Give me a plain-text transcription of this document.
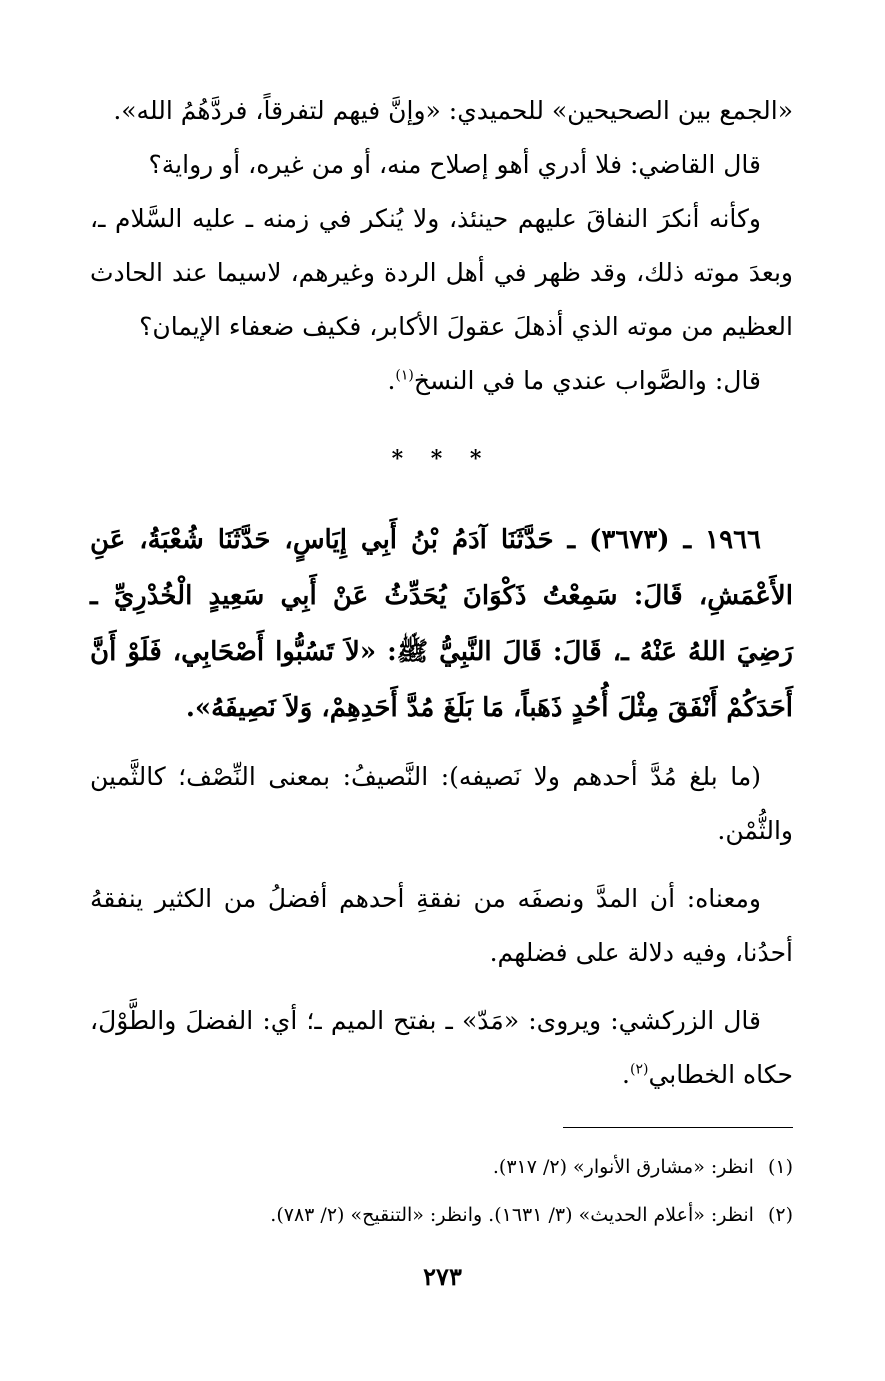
«الجمع بين الصحيحين» للحميدي: «وإنَّ فيهم لتفرقاً، فردَّهُمُ الله».

قال القاضي: فلا أدري أهو إصلاح منه، أو من غيره، أو رواية؟

وكأنه أنكرَ النفاقَ عليهم حينئذ، ولا يُنكر في زمنه ـ عليه السَّلام ـ، وبعدَ موته ذلك، وقد ظهر في أهل الردة وغيرهم، لاسيما عند الحادث العظيم من موته الذي أذهلَ عقولَ الأكابر، فكيف ضعفاء الإيمان؟

قال: والصَّواب عندي ما في النسخ$^{(١)}$.

* * *

١٩٦٦ ـ (٣٦٧٣) ـ حَدَّثَنَا آدَمُ بْنُ أَبِي إِيَاسٍ، حَدَّثَنَا شُعْبَةُ، عَنِ الأَعْمَشِ، قَالَ: سَمِعْتُ ذَكْوَانَ يُحَدِّثُ عَنْ أَبِي سَعِيدٍ الْخُدْرِيِّ ـ رَضِيَ اللهُ عَنْهُ ـ، قَالَ: قَالَ النَّبِيُّ ﷺ: «لاَ تَسُبُّوا أَصْحَابِي، فَلَوْ أَنَّ أَحَدَكُمْ أَنْفَقَ مِثْلَ أُحُدٍ ذَهَباً، مَا بَلَغَ مُدَّ أَحَدِهِمْ، وَلاَ نَصِيفَهُ».

(ما بلغ مُدَّ أحدهم ولا نَصيفه): النَّصيفُ: بمعنى النِّصْف؛ كالثَّمين والثُّمْن.

ومعناه: أن المدَّ ونصفَه من نفقةِ أحدهم أفضلُ من الكثير ينفقهُ أحدُنا، وفيه دلالة على فضلهم.

قال الزركشي: ويروى: «مَدّ» ـ بفتح الميم ـ؛ أي: الفضلَ والطَّوْلَ، حكاه الخطابي$^{(٢)}$.

(١)انظر: «مشارق الأنوار» (٢/ ٣١٧).

(٢)انظر: «أعلام الحديث» (٣/ ١٦٣١). وانظر: «التنقيح» (٢/ ٧٨٣).

٢٧٣
